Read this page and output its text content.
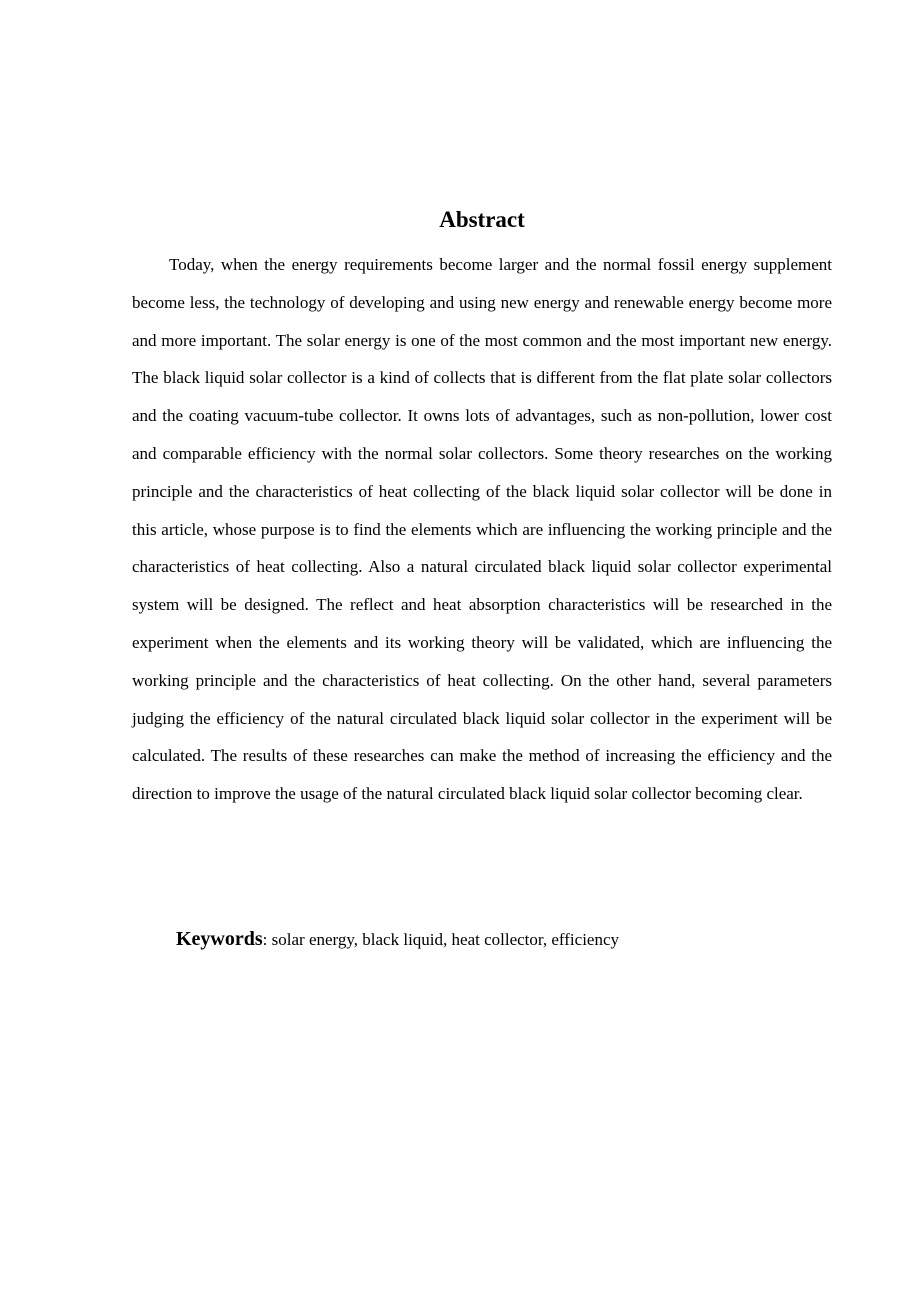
Abstract

Today, when the energy requirements become larger and the normal fossil energy supplement become less, the technology of developing and using new energy and renewable energy become more and more important. The solar energy is one of the most common and the most important new energy. The black liquid solar collector is a kind of collects that is different from the flat plate solar collectors and the coating vacuum-tube collector. It owns lots of advantages, such as non-pollution, lower cost and comparable efficiency with the normal solar collectors. Some theory researches on the working principle and the characteristics of heat collecting of the black liquid solar collector will be done in this article, whose purpose is to find the elements which are influencing the working principle and the characteristics of heat collecting. Also a natural circulated black liquid solar collector experimental system will be designed. The reflect and heat absorption characteristics will be researched in the experiment when the elements and its working theory will be validated, which are influencing the working principle and the characteristics of heat collecting. On the other hand, several parameters judging the efficiency of the natural circulated black liquid solar collector in the experiment will be calculated. The results of these researches can make the method of increasing the efficiency and the direction to improve the usage of the natural circulated black liquid solar collector becoming clear.

Keywords: solar energy, black liquid, heat collector, efficiency
